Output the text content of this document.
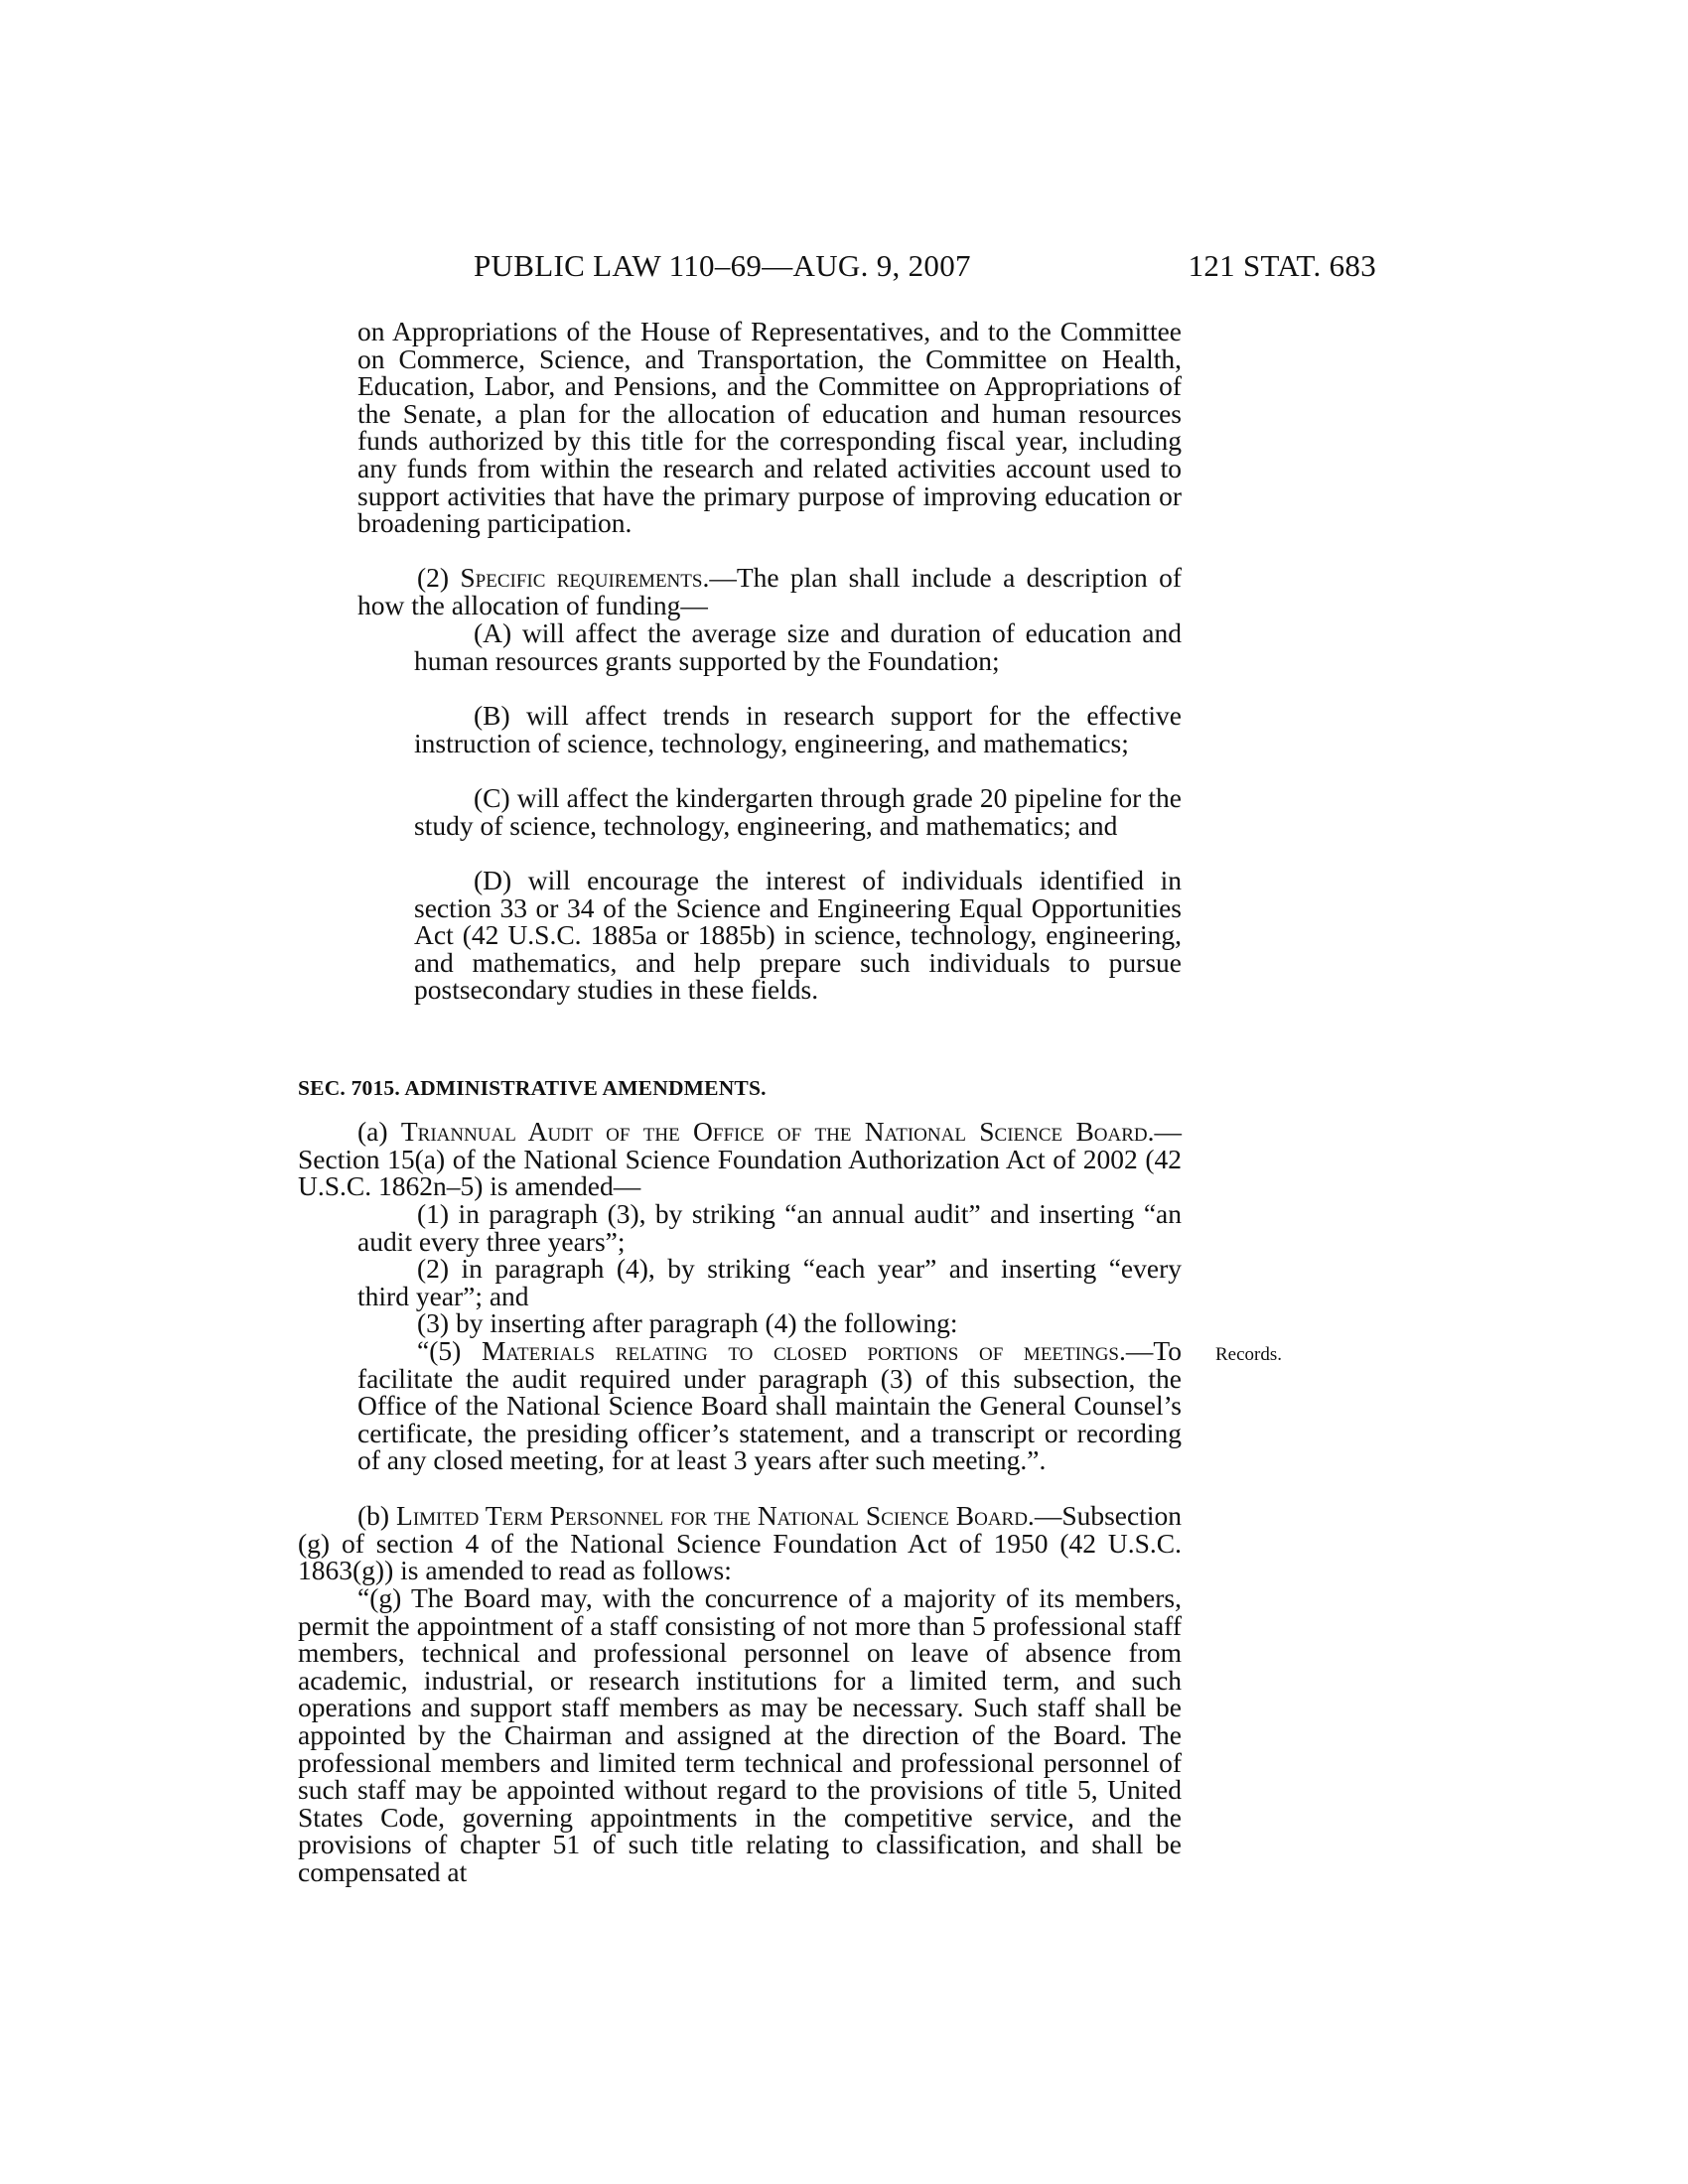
PUBLIC LAW 110–69—AUG. 9, 2007	121 STAT. 683

on Appropriations of the House of Representatives, and to the Committee on Commerce, Science, and Transportation, the Committee on Health, Education, Labor, and Pensions, and the Committee on Appropriations of the Senate, a plan for the allocation of education and human resources funds authorized by this title for the corresponding fiscal year, including any funds from within the research and related activities account used to support activities that have the primary purpose of improving education or broadening participation.

(2) Specific requirements.—The plan shall include a description of how the allocation of funding—

(A) will affect the average size and duration of education and human resources grants supported by the Foundation;

(B) will affect trends in research support for the effective instruction of science, technology, engineering, and mathematics;

(C) will affect the kindergarten through grade 20 pipeline for the study of science, technology, engineering, and mathematics; and

(D) will encourage the interest of individuals identified in section 33 or 34 of the Science and Engineering Equal Opportunities Act (42 U.S.C. 1885a or 1885b) in science, technology, engineering, and mathematics, and help prepare such individuals to pursue postsecondary studies in these fields.

SEC. 7015. ADMINISTRATIVE AMENDMENTS.

(a) Triannual Audit of the Office of the National Science Board.—Section 15(a) of the National Science Foundation Authorization Act of 2002 (42 U.S.C. 1862n–5) is amended—

(1) in paragraph (3), by striking “an annual audit” and inserting “an audit every three years”;

(2) in paragraph (4), by striking “each year” and inserting “every third year”; and

(3) by inserting after paragraph (4) the following:

“(5) Materials relating to closed portions of meetings.—To facilitate the audit required under paragraph (3) of this subsection, the Office of the National Science Board shall maintain the General Counsel’s certificate, the presiding officer’s statement, and a transcript or recording of any closed meeting, for at least 3 years after such meeting.”.

(b) Limited Term Personnel for the National Science Board.—Subsection (g) of section 4 of the National Science Foundation Act of 1950 (42 U.S.C. 1863(g)) is amended to read as follows:

“(g) The Board may, with the concurrence of a majority of its members, permit the appointment of a staff consisting of not more than 5 professional staff members, technical and professional personnel on leave of absence from academic, industrial, or research institutions for a limited term, and such operations and support staff members as may be necessary. Such staff shall be appointed by the Chairman and assigned at the direction of the Board. The professional members and limited term technical and professional personnel of such staff may be appointed without regard to the provisions of title 5, United States Code, governing appointments in the competitive service, and the provisions of chapter 51 of such title relating to classification, and shall be compensated at

Records.
